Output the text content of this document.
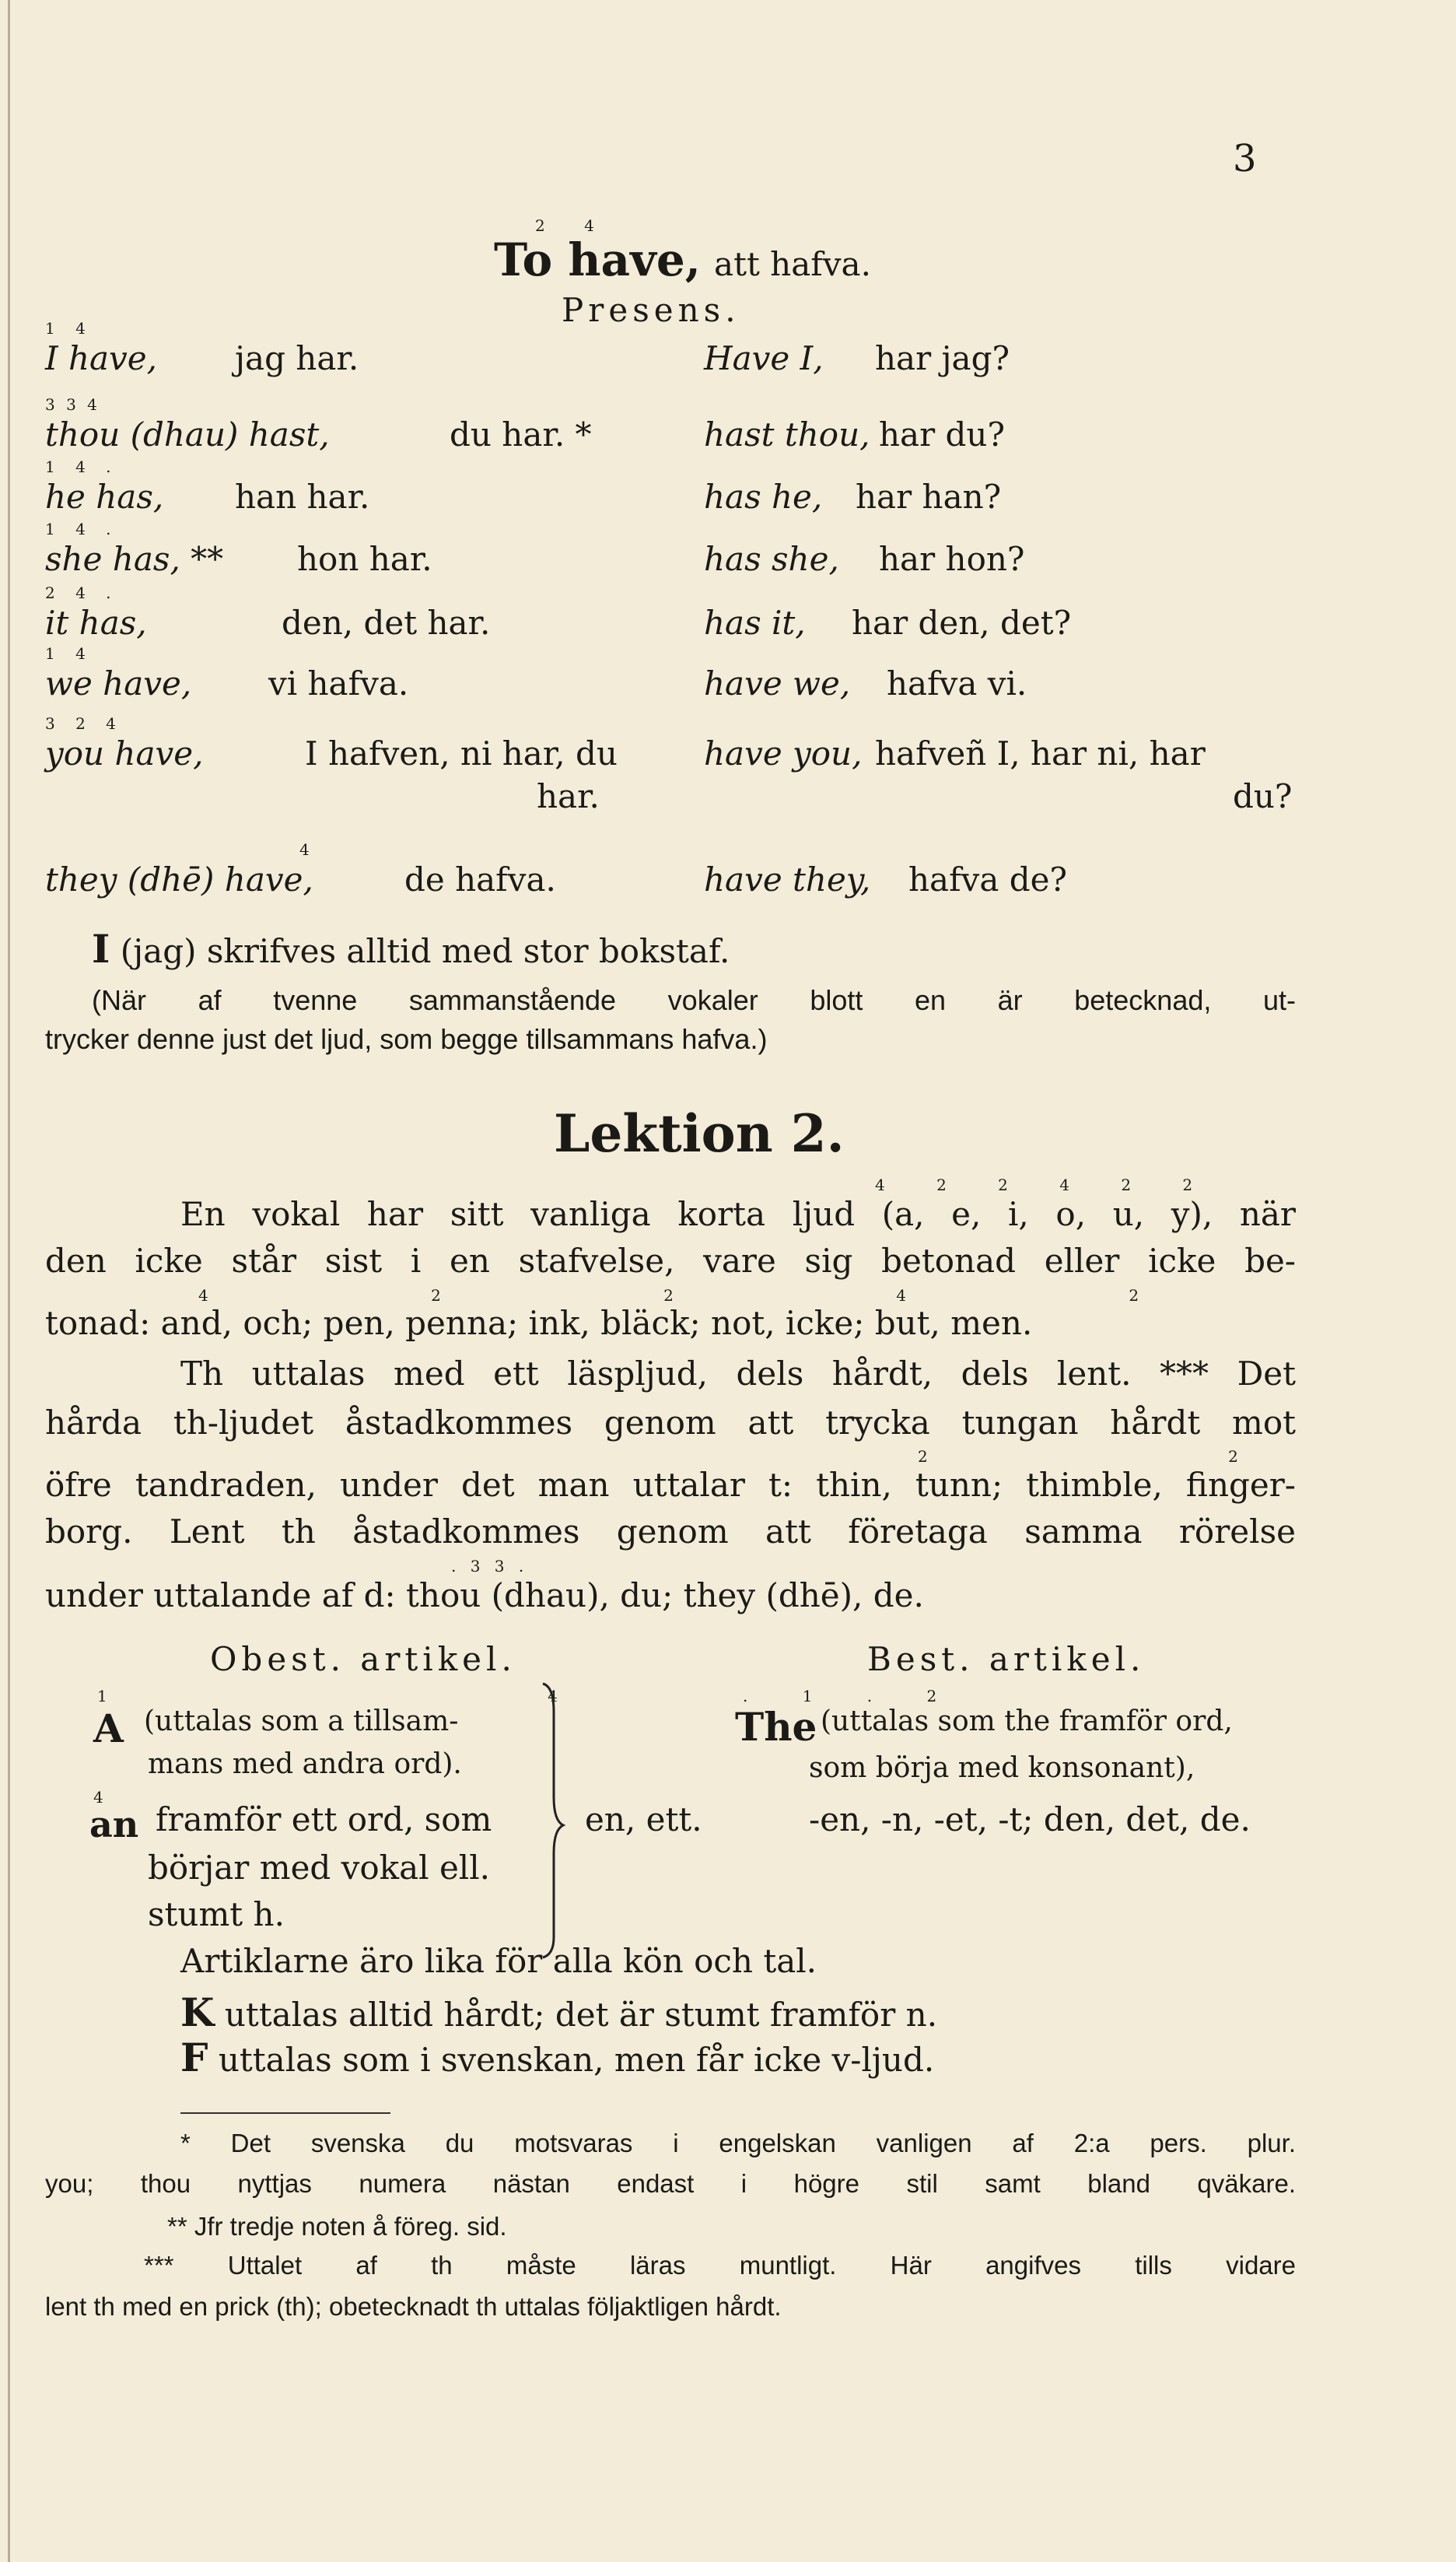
3
2 4
To have, att hafva.
Presens.
1 4
I have, jag har.	Have I, har jag?
3 3 4
thou (dhau) hast,	du har. *	hast thou, har du?
1 4 .
he has, han har.	has he, har han?
1 4 .
she has, ** hon har.	has she, har hon?
2 4 .
it has,	den, det har.	has it, har den, det?
1 4
we have, vi hafva.	have we, hafva vi.
3 2 4
you have,	I hafven, ni har, du
har.
have you, hafveñ I, har ni, har
du?
4
they (dhē) have,	de hafva.	have they, hafva de?
I (jag) skrifves alltid med stor bokstaf.
(När af tvenne sammanstående vokaler blott en är betecknad, ut-
trycker denne just det ljud, som begge tillsammans hafva.)
Lektion 2.
4 2 2 4 2 2
En vokal har sitt vanliga korta ljud (a, e, i, o, u, y), när
den icke står sist i en stafvelse, vare sig betonad eller icke be-
4 2 2 4 2
tonad: and, och; pen, penna; ink, bläck; not, icke; but, men.
Th uttalas med ett läspljud, dels hårdt, dels lent. *** Det
hårda th-ljudet åstadkommes genom att trycka tungan hårdt mot
2 2
öfre tandraden, under det man uttalar t: thin, tunn; thimble, finger-
borg. Lent th åstadkommes genom att företaga samma rörelse
. 3 3 .
under uttalande af d: thou (dhau), du; they (dhē), de.
Obest. artikel.	Best. artikel.
1 4
A (uttalas som a tillsam-
mans med andra ord).
4
an framför ett ord, som
börjar med vokal ell.
stumt h.
en, ett.
. 1 . 2
The (uttalas som the framför ord,
som börja med konsonant),
-en, -n, -et, -t; den, det, de.
Artiklarne äro lika för alla kön och tal.
K uttalas alltid hårdt; det är stumt framför n.
F uttalas som i svenskan, men får icke v-ljud.
* Det svenska du motsvaras i engelskan vanligen af 2:a pers. plur.
you; thou nyttjas numera nästan endast i högre stil samt bland qväkare.
** Jfr tredje noten å föreg. sid.
*** Uttalet af th måste läras muntligt. Här angifves tills vidare
lent th med en prick (th); obetecknadt th uttalas följaktligen hårdt.
